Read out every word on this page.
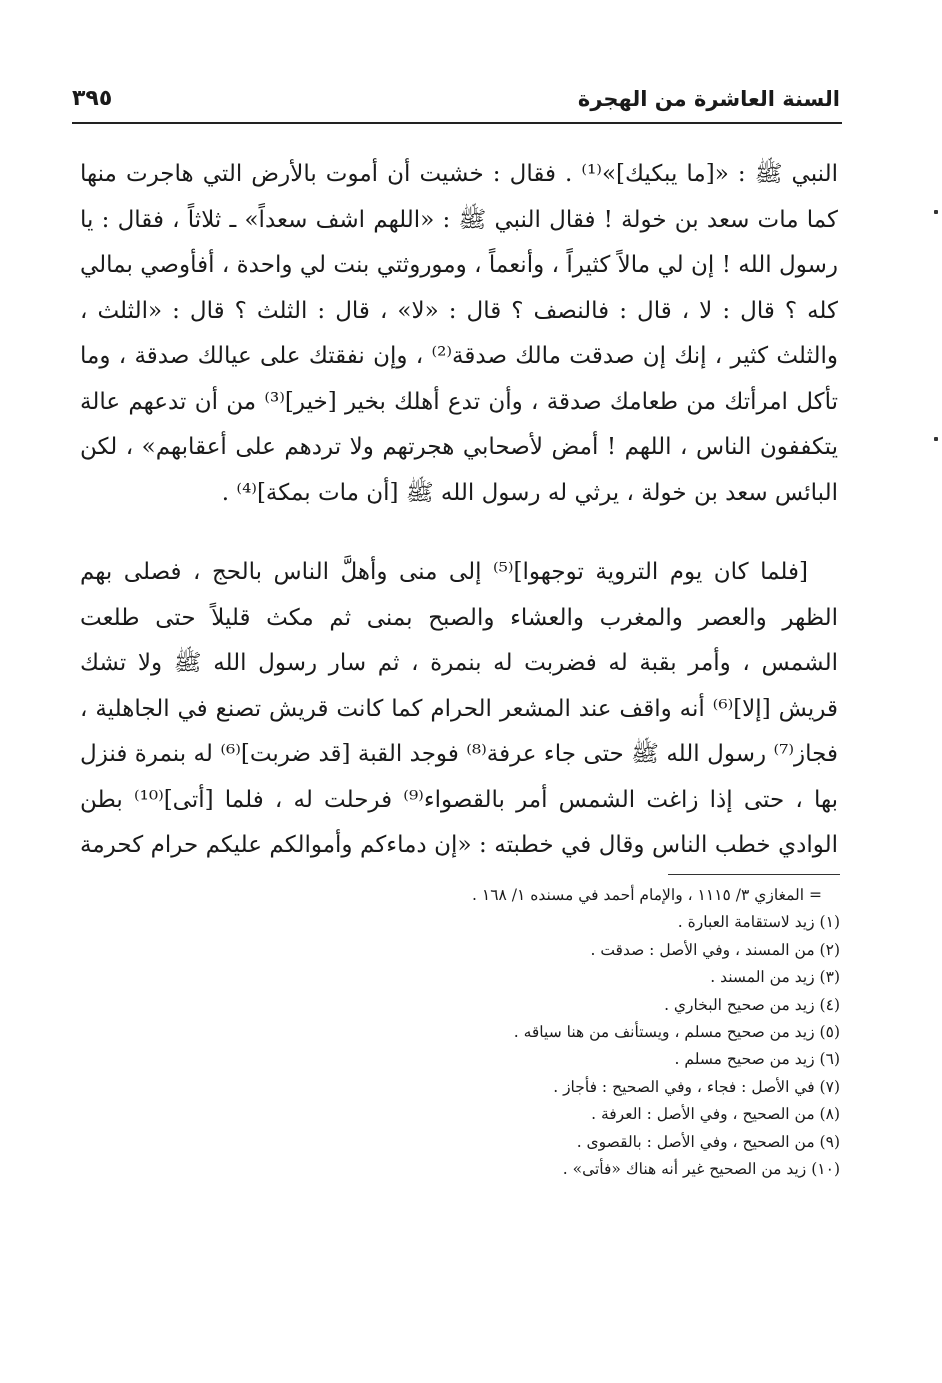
السنة العاشرة من الهجرة
٣٩٥

النبي ﷺ : «[ما يبكيك]»⁽¹⁾ . فقال : خشيت أن أموت بالأرض التي هاجرت منها كما مات سعد بن خولة ! فقال النبي ﷺ : «اللهم اشف سعداً» ـ ثلاثاً ، فقال : يا رسول الله ! إن لي مالاً كثيراً ، وأنعماً ، وموروثتي بنت لي واحدة ، أفأوصي بمالي كله ؟ قال : لا ، قال : فالنصف ؟ قال : «لا» ، قال : الثلث ؟ قال : «الثلث ، والثلث كثير ، إنك إن صدقت مالك صدقة⁽²⁾ ، وإن نفقتك على عيالك صدقة ، وما تأكل امرأتك من طعامك صدقة ، وأن تدع أهلك بخير [خير]⁽³⁾ من أن تدعهم عالة يتكففون الناس ، اللهم ! أمض لأصحابي هجرتهم ولا تردهم على أعقابهم» ، لكن البائس سعد بن خولة ، يرثي له رسول الله ﷺ [أن مات بمكة]⁽⁴⁾ .

[فلما كان يوم التروية توجهوا]⁽⁵⁾ إلى منى وأهلَّ الناس بالحج ، فصلى بهم الظهر والعصر والمغرب والعشاء والصبح بمنى ثم مكث قليلاً حتى طلعت الشمس ، وأمر بقبة له فضربت له بنمرة ، ثم سار رسول الله ﷺ ولا تشك قريش [إلا]⁽⁶⁾ أنه واقف عند المشعر الحرام كما كانت قريش تصنع في الجاهلية ، فجاز⁽⁷⁾ رسول الله ﷺ حتى جاء عرفة⁽⁸⁾ فوجد القبة [قد ضربت]⁽⁶⁾ له بنمرة فنزل بها ، حتى إذا زاغت الشمس أمر بالقصواء⁽⁹⁾ فرحلت له ، فلما [أتى]⁽¹⁰⁾ بطن الوادي خطب الناس وقال في خطبته : «إن دماءكم وأموالكم عليكم حرام كحرمة

= المغازي ٣/ ١١١٥ ، والإمام أحمد في مسنده ١/ ١٦٨ .
(١) زيد لاستقامة العبارة .
(٢) من المسند ، وفي الأصل : صدقت .
(٣) زيد من المسند .
(٤) زيد من صحيح البخاري .
(٥) زيد من صحيح مسلم ، ويستأنف من هنا سياقه .
(٦) زيد من صحيح مسلم .
(٧) في الأصل : فجاء ، وفي الصحيح : فأجاز .
(٨) من الصحيح ، وفي الأصل : العرفة .
(٩) من الصحيح ، وفي الأصل : بالقصوى .
(١٠) زيد من الصحيح غير أنه هناك «فأتى» .
